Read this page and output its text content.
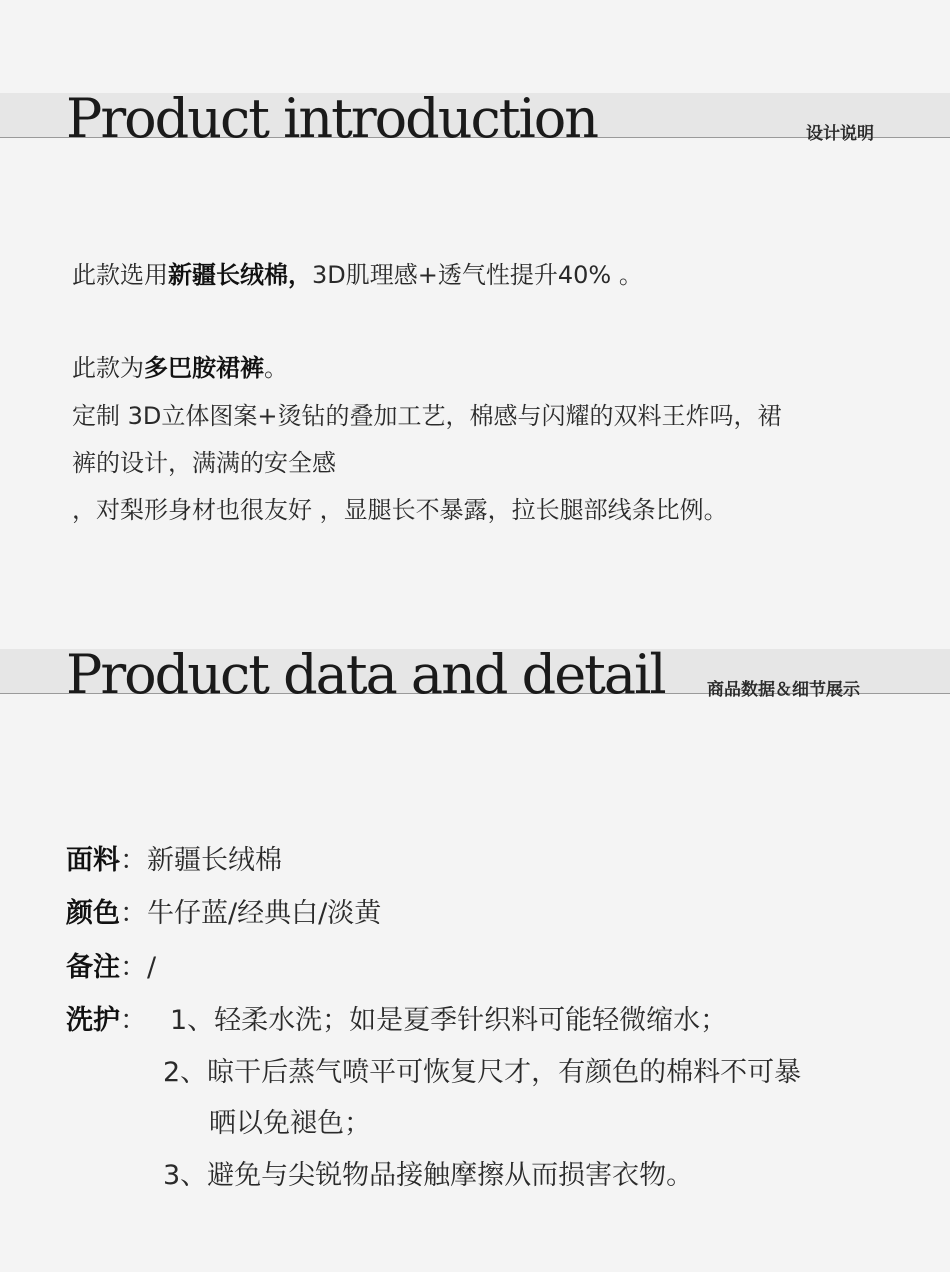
Product introduction	设计说明
此款选用新疆长绒棉，3D肌理感+透气性提升40% 。
此款为多巴胺裙裤。
定制 3D立体图案+烫钻的叠加工艺，棉感与闪耀的双料王炸吗，裙
裤的设计，满满的安全感
，对梨形身材也很友好 ，显腿长不暴露，拉长腿部线条比例。
Product data and detail 商品数据＆细节展示
面料：新疆长绒棉
颜色：牛仔蓝/经典白/淡黄
备注：/
洗护： 1、轻柔水洗；如是夏季针织料可能轻微缩水；
2、晾干后蒸气喷平可恢复尺才，有颜色的棉料不可暴
晒以免褪色；
3、避免与尖锐物品接触摩擦从而损害衣物。
